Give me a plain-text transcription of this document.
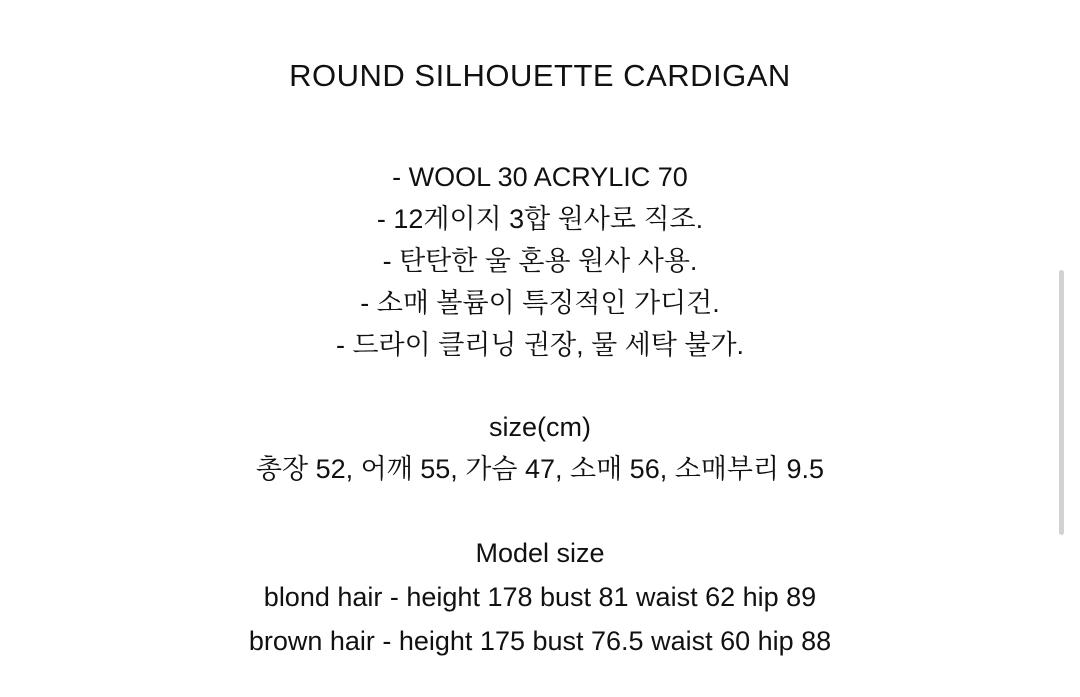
ROUND SILHOUETTE CARDIGAN
- WOOL 30 ACRYLIC 70
- 12게이지 3합 원사로 직조.
- 탄탄한 울 혼용 원사 사용.
- 소매 볼륨이 특징적인 가디건.
- 드라이 클리닝 권장, 물 세탁 불가.
size(cm)
총장 52, 어깨 55, 가슴 47, 소매 56, 소매부리 9.5
Model size
blond hair - height 178 bust 81 waist 62 hip 89
brown hair - height 175 bust 76.5 waist 60 hip 88
